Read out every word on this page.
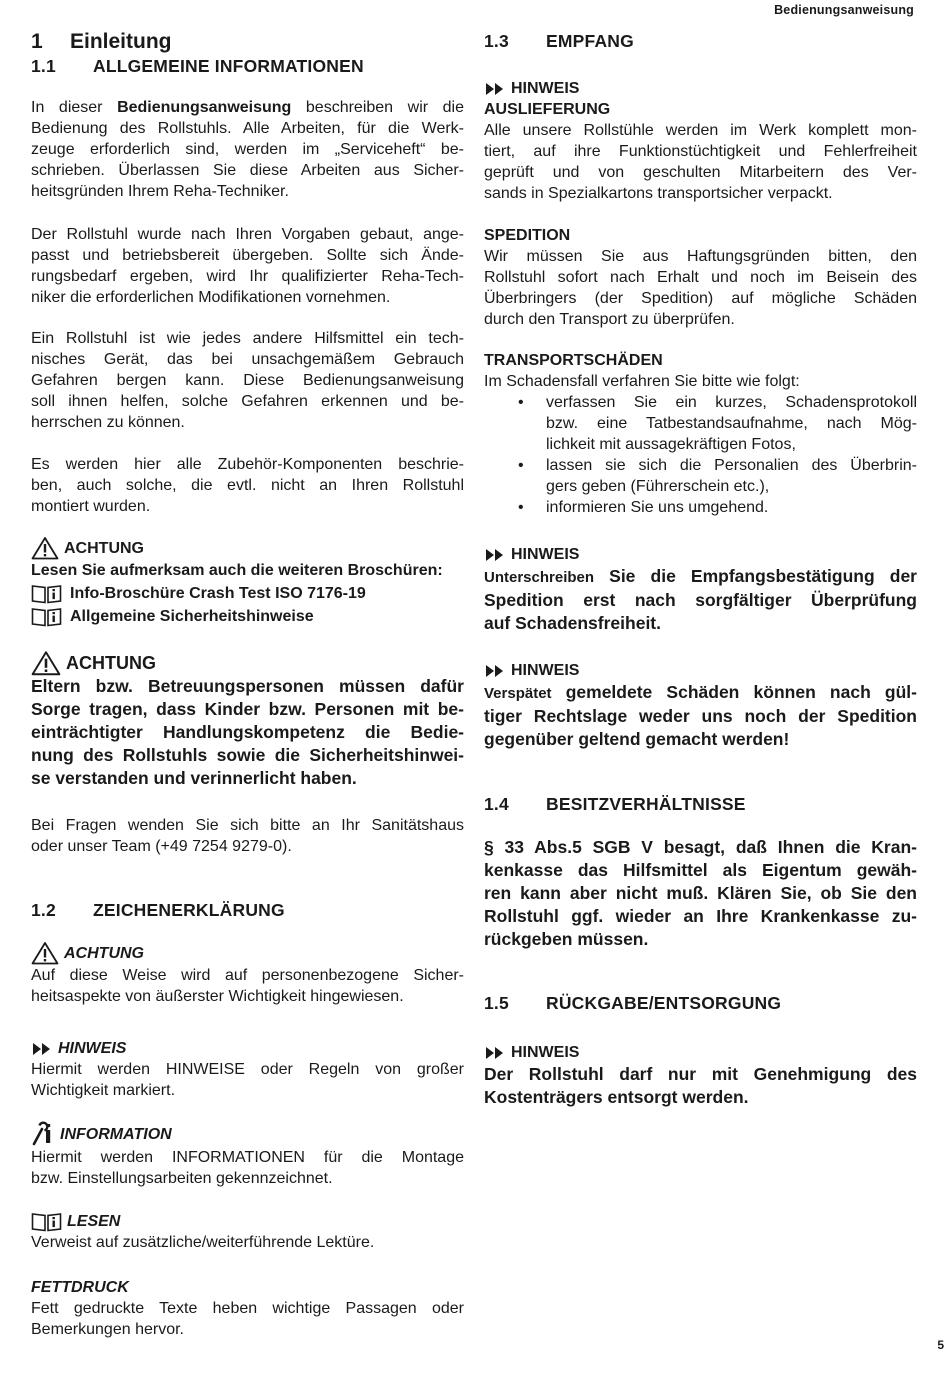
Bedienungsanweisung
1 Einleitung
1.1 ALLGEMEINE INFORMATIONEN
In dieser Bedienungsanweisung beschreiben wir die
Bedienung des Rollstuhls. Alle Arbeiten, für die Werk-
zeuge erforderlich sind, werden im „Serviceheft“ be-
schrieben. Überlassen Sie diese Arbeiten aus Sicher-
heitsgründen Ihrem Reha-Techniker.
Der Rollstuhl wurde nach Ihren Vorgaben gebaut, ange-
passt und betriebsbereit übergeben. Sollte sich Ände-
rungsbedarf ergeben, wird Ihr qualifizierter Reha-Tech-
niker die erforderlichen Modifikationen vornehmen.
Ein Rollstuhl ist wie jedes andere Hilfsmittel ein tech-
nisches Gerät, das bei unsachgemäßem Gebrauch
Gefahren bergen kann. Diese Bedienungsanweisung
soll ihnen helfen, solche Gefahren erkennen und be-
herrschen zu können.
Es werden hier alle Zubehör-Komponenten beschrie-
ben, auch solche, die evtl. nicht an Ihren Rollstuhl
montiert wurden.
ACHTUNG
Lesen Sie aufmerksam auch die weiteren Broschüren:
Info-Broschüre Crash Test ISO 7176-19
Allgemeine Sicherheitshinweise
ACHTUNG
Eltern bzw. Betreuungspersonen müssen dafür
Sorge tragen, dass Kinder bzw. Personen mit be-
einträchtigter Handlungskompetenz die Bedie-
nung des Rollstuhls sowie die Sicherheitshinwei-
se verstanden und verinnerlicht haben.
Bei Fragen wenden Sie sich bitte an Ihr Sanitätshaus
oder unser Team (+49 7254 9279-0).
1.2 ZEICHENERKLÄRUNG
ACHTUNG
Auf diese Weise wird auf personenbezogene Sicher-
heitsaspekte von äußerster Wichtigkeit hingewiesen.
HINWEIS
Hiermit werden HINWEISE oder Regeln von großer
Wichtigkeit markiert.
INFORMATION
Hiermit werden INFORMATIONEN für die Montage
bzw. Einstellungsarbeiten gekennzeichnet.
LESEN
Verweist auf zusätzliche/weiterführende Lektüre.
FETTDRUCK
Fett gedruckte Texte heben wichtige Passagen oder
Bemerkungen hervor.
1.3 EMPFANG
HINWEIS
AUSLIEFERUNG
Alle unsere Rollstühle werden im Werk komplett mon-
tiert, auf ihre Funktionstüchtigkeit und Fehlerfreiheit
geprüft und von geschulten Mitarbeitern des Ver-
sands in Spezialkartons transportsicher verpackt.
SPEDITION
Wir müssen Sie aus Haftungsgründen bitten, den
Rollstuhl sofort nach Erhalt und noch im Beisein des
Überbringers (der Spedition) auf mögliche Schäden
durch den Transport zu überprüfen.
TRANSPORTSCHÄDEN
Im Schadensfall verfahren Sie bitte wie folgt:
• verfassen Sie ein kurzes, Schadensprotokoll
bzw. eine Tatbestandsaufnahme, nach Mög-
lichkeit mit aussagekräftigen Fotos,
• lassen sie sich die Personalien des Überbrin-
gers geben (Führerschein etc.),
• informieren Sie uns umgehend.
HINWEIS
Unterschreiben Sie die Empfangsbestätigung der
Spedition erst nach sorgfältiger Überprüfung
auf Schadensfreiheit.
HINWEIS
Verspätet gemeldete Schäden können nach gül-
tiger Rechtslage weder uns noch der Spedition
gegenüber geltend gemacht werden!
1.4 BESITZVERHÄLTNISSE
§ 33 Abs.5 SGB V besagt, daß Ihnen die Kran-
kenkasse das Hilfsmittel als Eigentum gewäh-
ren kann aber nicht muß. Klären Sie, ob Sie den
Rollstuhl ggf. wieder an Ihre Krankenkasse zu-
rückgeben müssen.
1.5 RÜCKGABE/ENTSORGUNG
HINWEIS
Der Rollstuhl darf nur mit Genehmigung des
Kostenträgers entsorgt werden.
5
